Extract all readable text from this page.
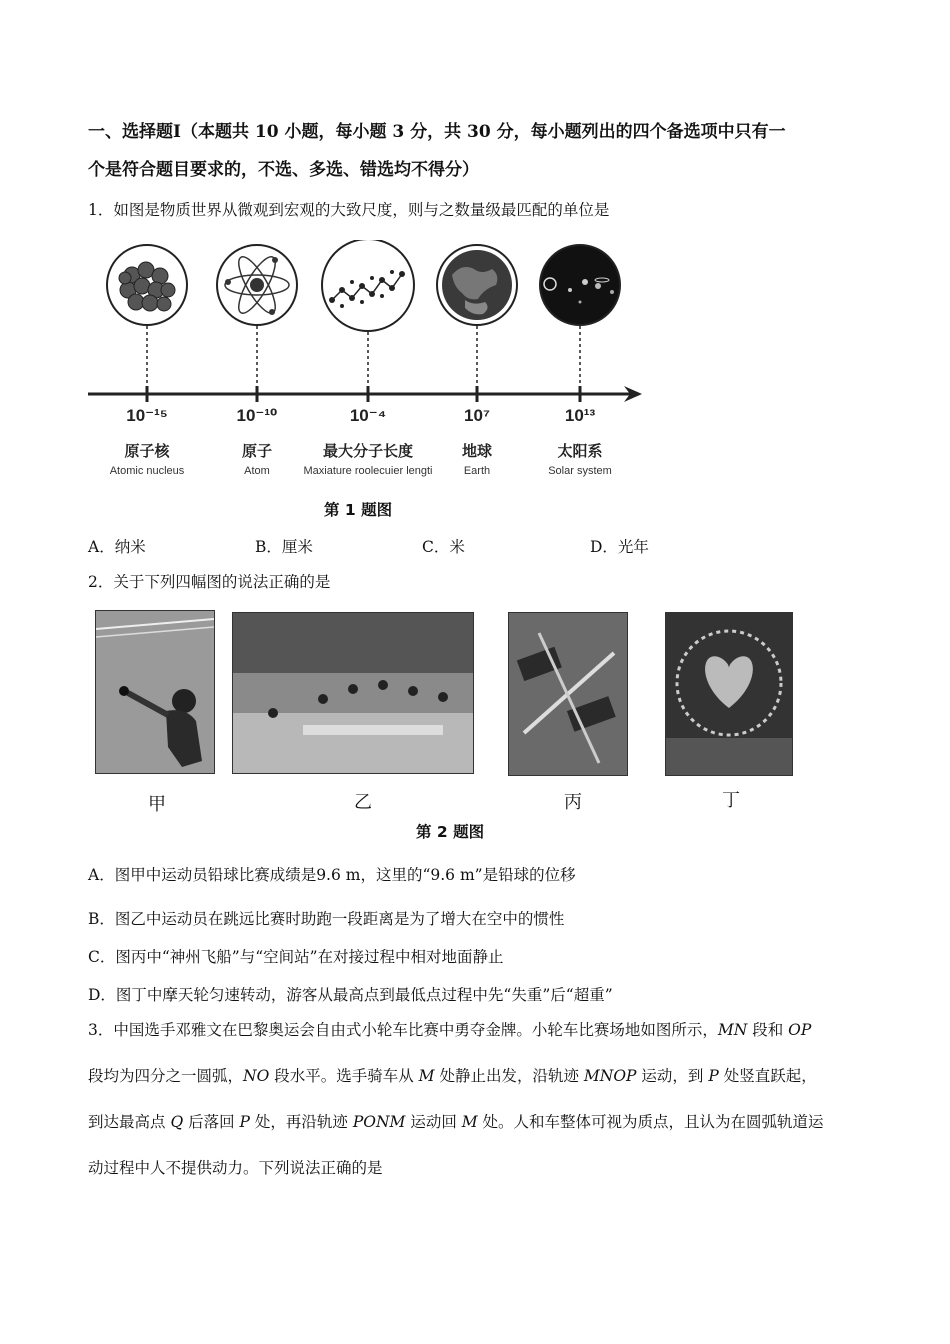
一、选择题Ⅰ（本题共 10 小题，每小题 3 分，共 30 分，每小题列出的四个备选项中只有一
个是符合题目要求的，不选、多选、错选均不得分）
1．如图是物质世界从微观到宏观的大致尺度，则与之数量级最匹配的单位是
10⁻¹⁵
原子核
Atomic nucleus
10⁻¹⁰
原子
Atom
10⁻⁴
最大分子长度
Maxiature roolecuier lengti
10⁷
地球
Earth
10¹³
太阳系
Solar system
第 1 题图
A．纳米	B．厘米	C．米	D．光年
2．关于下列四幅图的说法正确的是
甲	乙	丙	丁
第 2 题图
A．图甲中运动员铅球比赛成绩是9.6 m，这里的“9.6 m”是铅球的位移
B．图乙中运动员在跳远比赛时助跑一段距离是为了增大在空中的惯性
C．图丙中“神州飞船”与“空间站”在对接过程中相对地面静止
D．图丁中摩天轮匀速转动，游客从最高点到最低点过程中先“失重”后“超重”
3．中国选手邓雅文在巴黎奥运会自由式小轮车比赛中勇夺金牌。小轮车比赛场地如图所示，MN 段和 OP
段均为四分之一圆弧，NO 段水平。选手骑车从 M 处静止出发，沿轨迹 MNOP 运动，到 P 处竖直跃起，
到达最高点 Q 后落回 P 处，再沿轨迹 PONM 运动回 M 处。人和车整体可视为质点，且认为在圆弧轨道运
动过程中人不提供动力。下列说法正确的是
